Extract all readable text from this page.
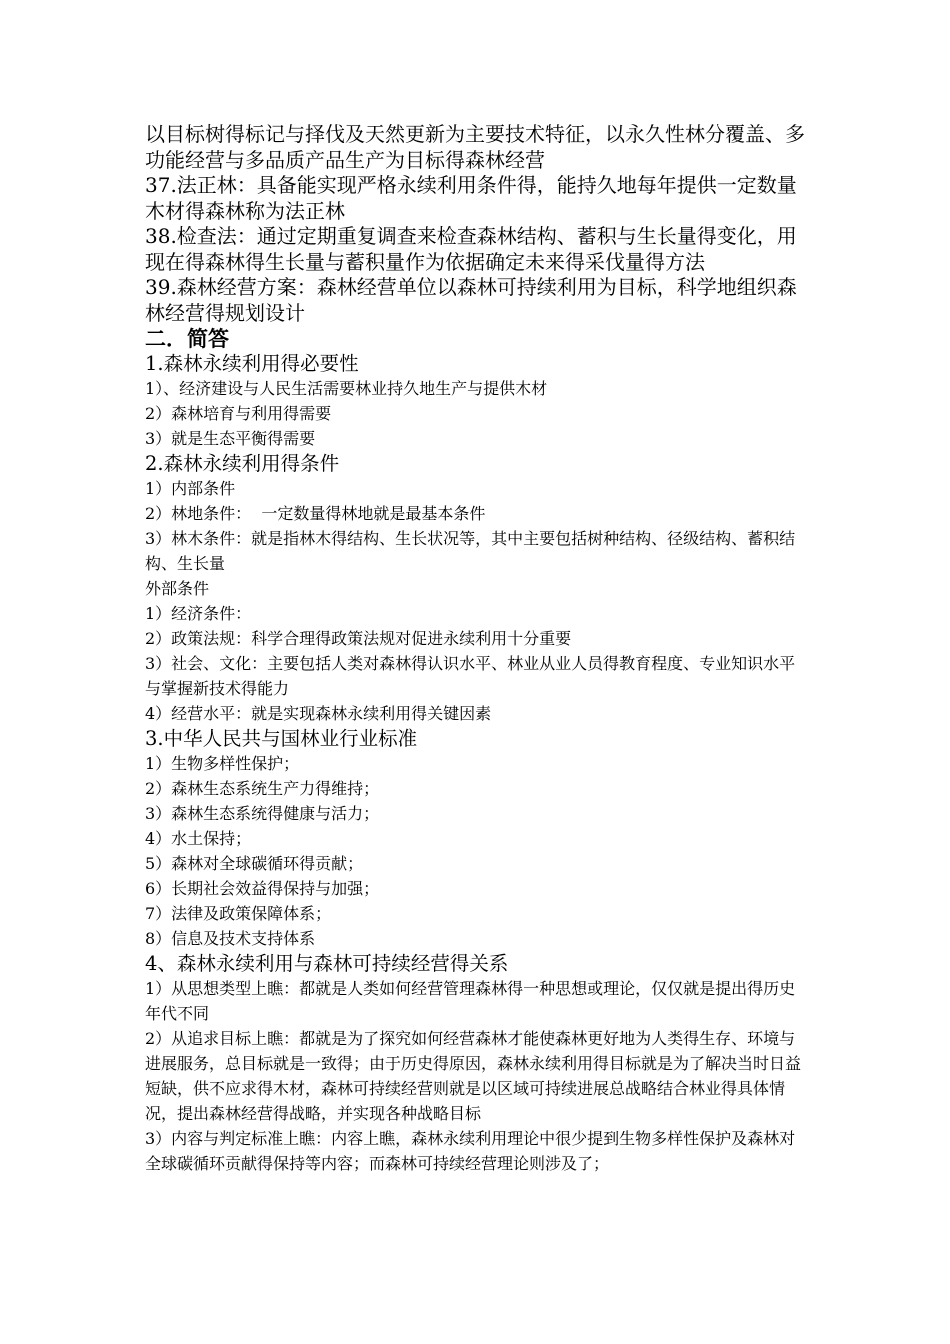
以目标树得标记与择伐及天然更新为主要技术特征，以永久性林分覆盖、多功能经营与多品质产品生产为目标得森林经营

37.法正林：具备能实现严格永续利用条件得，能持久地每年提供一定数量木材得森林称为法正林

38.检查法：通过定期重复调查来检查森林结构、蓄积与生长量得变化，用现在得森林得生长量与蓄积量作为依据确定未来得采伐量得方法

39.森林经营方案：森林经营单位以森林可持续利用为目标，科学地组织森林经营得规划设计

二．简答

1.森林永续利用得必要性

1）、经济建设与人民生活需要林业持久地生产与提供木材

2）森林培育与利用得需要

3）就是生态平衡得需要

2.森林永续利用得条件

1）内部条件

2）林地条件：  一定数量得林地就是最基本条件

3）林木条件：就是指林木得结构、生长状况等，其中主要包括树种结构、径级结构、蓄积结构、生长量

外部条件

1）经济条件：

2）政策法规：科学合理得政策法规对促进永续利用十分重要

3）社会、文化：主要包括人类对森林得认识水平、林业从业人员得教育程度、专业知识水平与掌握新技术得能力

4）经营水平：就是实现森林永续利用得关键因素

3.中华人民共与国林业行业标准

1）生物多样性保护；

2）森林生态系统生产力得维持；

3）森林生态系统得健康与活力；

4）水土保持；

5）森林对全球碳循环得贡献；

6）长期社会效益得保持与加强；

7）法律及政策保障体系；

8）信息及技术支持体系

4、森林永续利用与森林可持续经营得关系

1）从思想类型上瞧：都就是人类如何经营管理森林得一种思想或理论，仅仅就是提出得历史年代不同

2）从追求目标上瞧：都就是为了探究如何经营森林才能使森林更好地为人类得生存、环境与进展服务，总目标就是一致得；由于历史得原因，森林永续利用得目标就是为了解决当时日益短缺，供不应求得木材，森林可持续经营则就是以区域可持续进展总战略结合林业得具体情况，提出森林经营得战略，并实现各种战略目标

3）内容与判定标准上瞧：内容上瞧，森林永续利用理论中很少提到生物多样性保护及森林对全球碳循环贡献得保持等内容；而森林可持续经营理论则涉及了；
